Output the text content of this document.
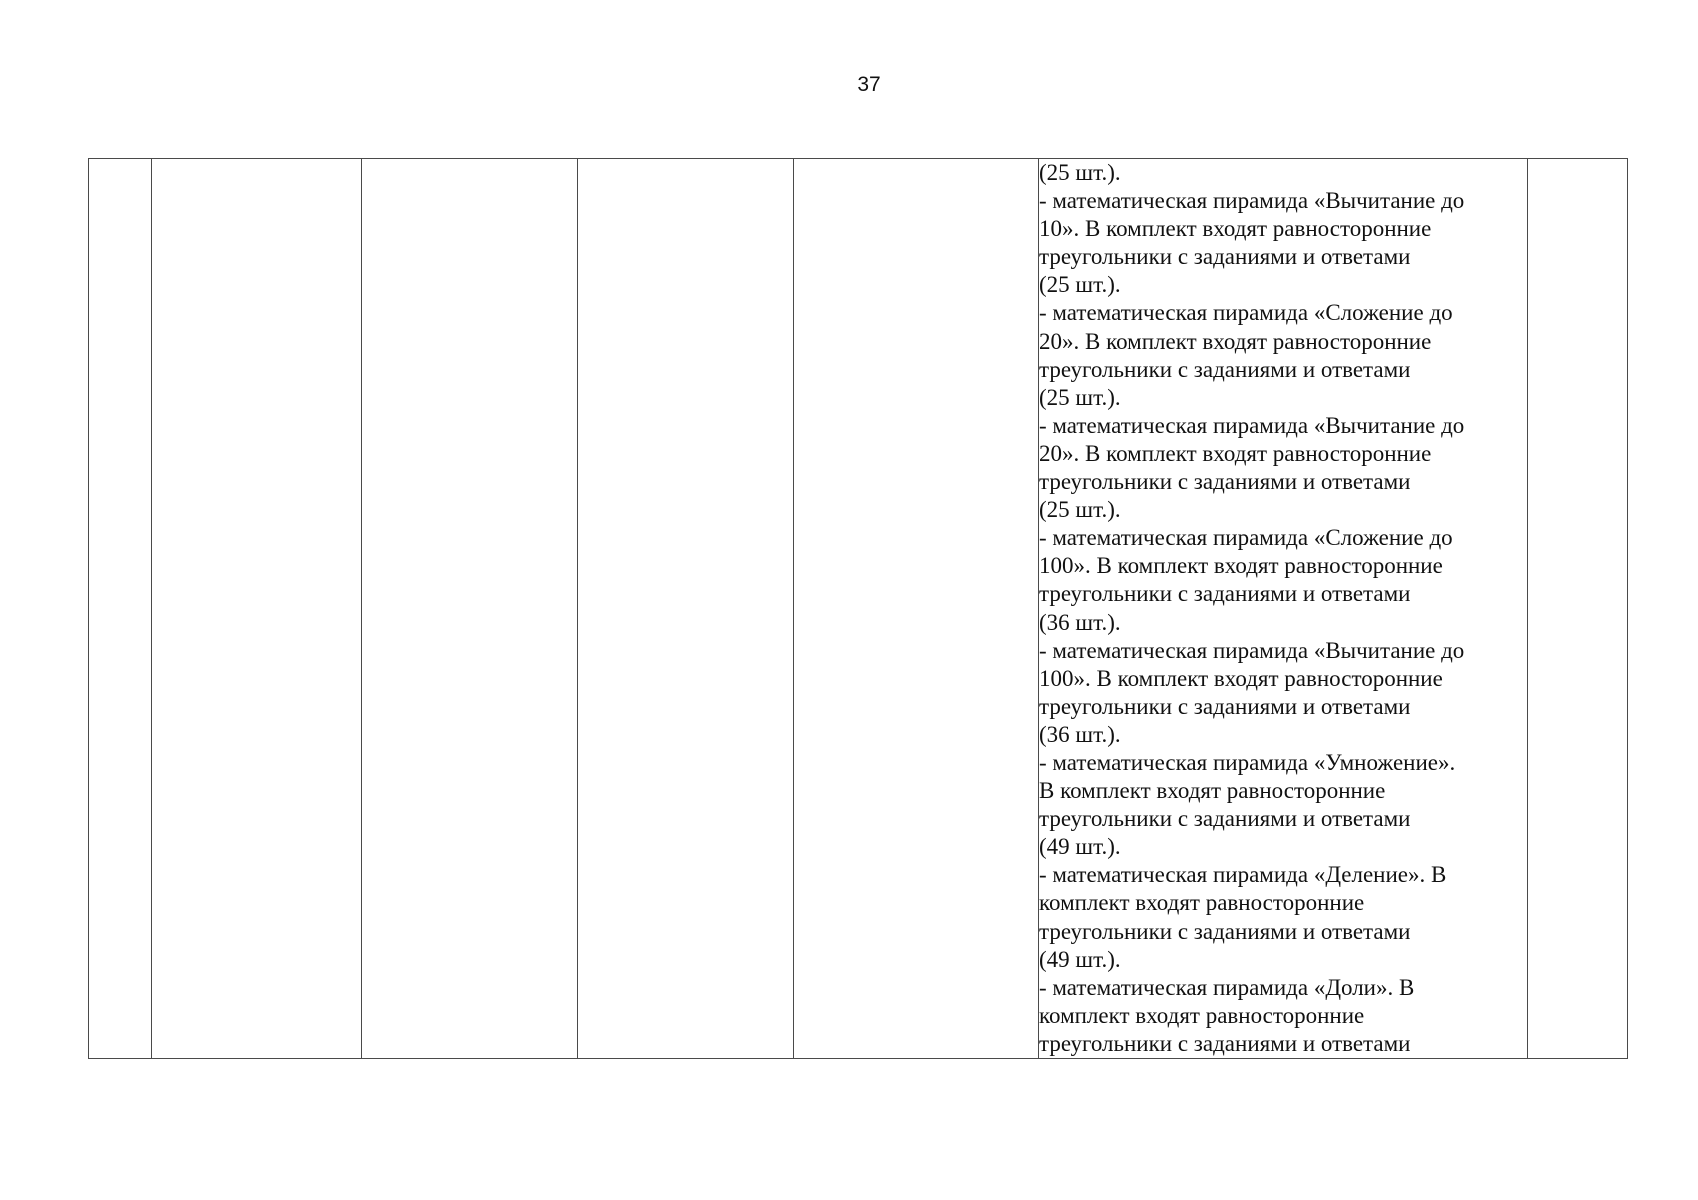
37

(25 шт.).
- математическая пирамида «Вычитание до
10». В комплект входят равносторонние
треугольники с заданиями и ответами
(25 шт.).
- математическая пирамида «Сложение до
20». В комплект входят равносторонние
треугольники с заданиями и ответами
(25 шт.).
- математическая пирамида «Вычитание до
20». В комплект входят равносторонние
треугольники с заданиями и ответами
(25 шт.).
- математическая пирамида «Сложение до
100». В комплект входят равносторонние
треугольники с заданиями и ответами
(36 шт.).
- математическая пирамида «Вычитание до
100». В комплект входят равносторонние
треугольники с заданиями и ответами
(36 шт.).
- математическая пирамида «Умножение».
В комплект входят равносторонние
треугольники с заданиями и ответами
(49 шт.).
- математическая пирамида «Деление». В
комплект входят равносторонние
треугольники с заданиями и ответами
(49 шт.).
- математическая пирамида «Доли». В
комплект входят равносторонние
треугольники с заданиями и ответами
